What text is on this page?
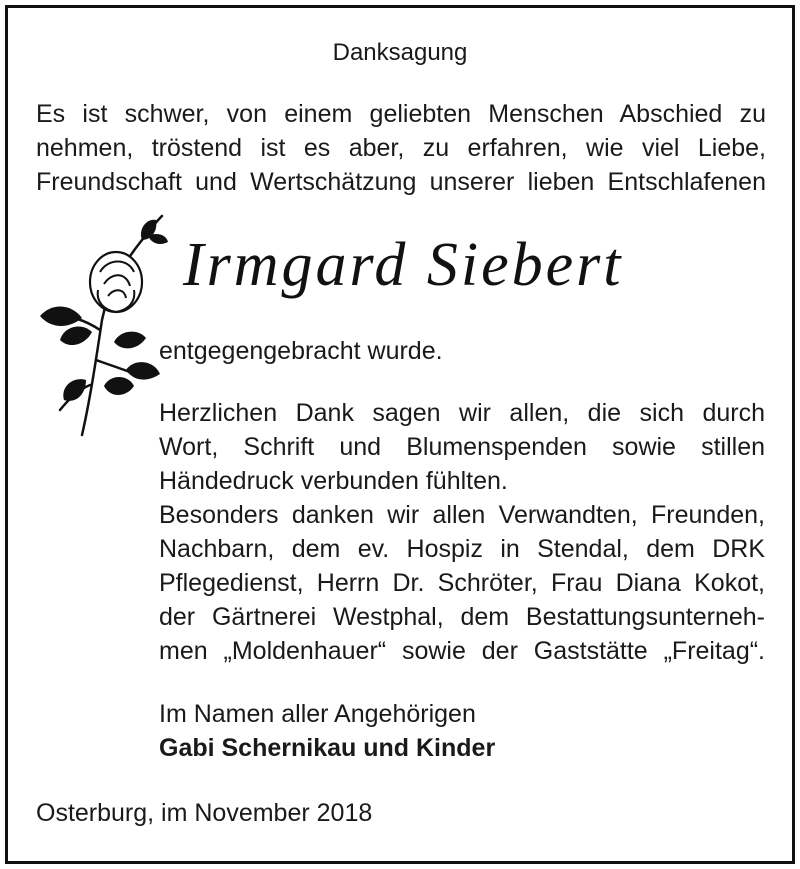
Danksagung
Es ist schwer, von einem geliebten Menschen Abschied zu
nehmen, tröstend ist es aber, zu erfahren, wie viel Liebe,
Freundschaft und Wertschätzung unserer lieben Entschlafenen
Irmgard Siebert
entgegengebracht wurde.
Herzlichen Dank sagen wir allen, die sich durch
Wort, Schrift und Blumenspenden sowie stillen
Händedruck verbunden fühlten.
Besonders danken wir allen Verwandten, Freunden,
Nachbarn, dem ev. Hospiz in Stendal, dem DRK
Pflegedienst, Herrn Dr. Schröter, Frau Diana Kokot,
der Gärtnerei Westphal, dem Bestattungsunterneh-
men „Moldenhauer“ sowie der Gaststätte „Freitag“.
Im Namen aller Angehörigen
Gabi Schernikau und Kinder
Osterburg, im November 2018
